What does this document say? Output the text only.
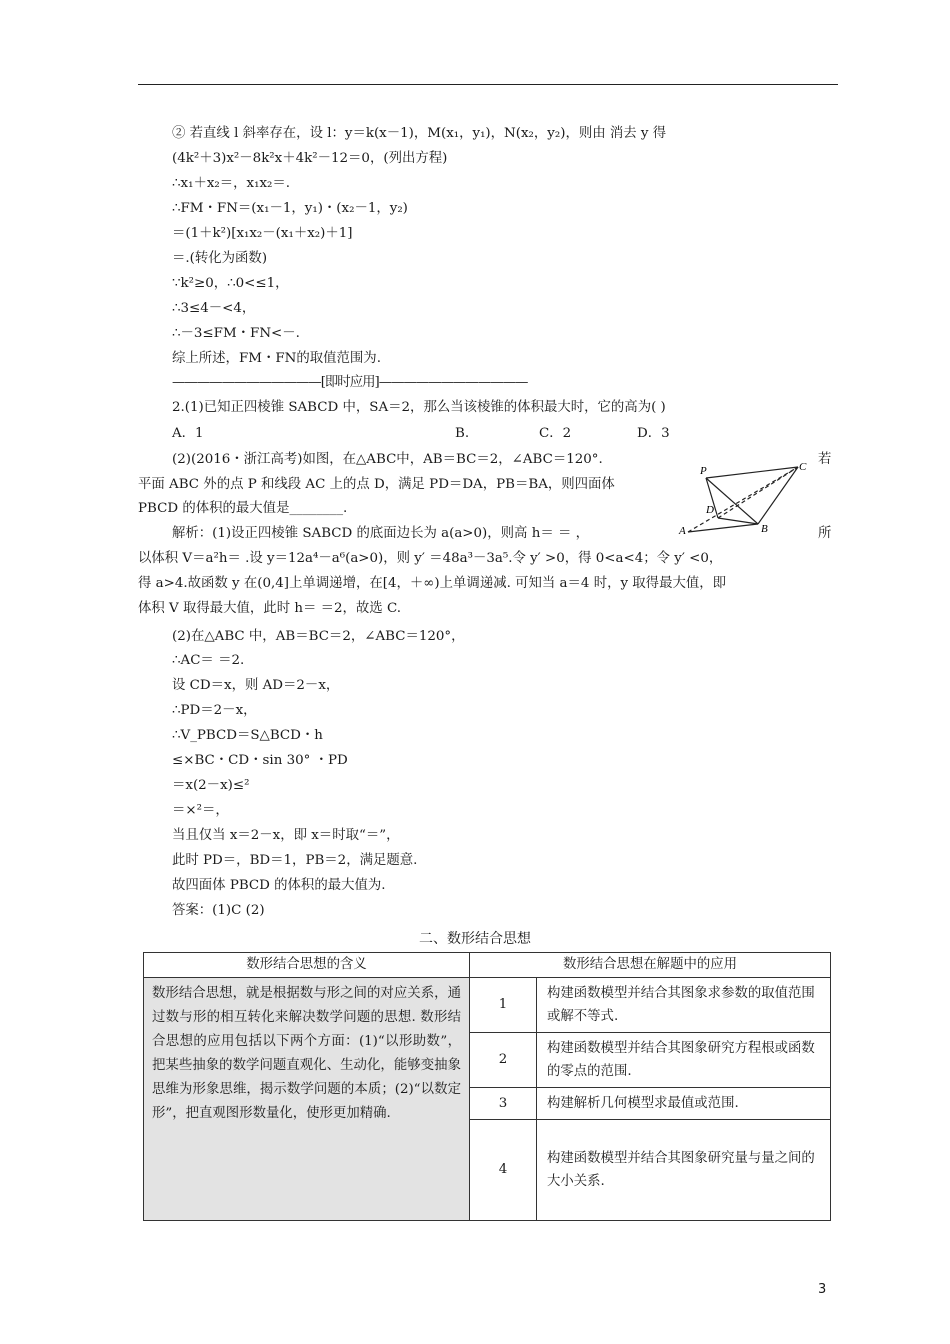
② 若直线 l 斜率存在，设 l：y＝k(x－1)，M(x₁，y₁)，N(x₂，y₂)，则由 消去 y 得
(4k²＋3)x²－8k²x＋4k²－12＝0，(列出方程)
∴x₁＋x₂＝，x₁x₂＝.
∴FM・FN＝(x₁－1，y₁)・(x₂－1，y₂)
＝(1＋k²)[x₁x₂－(x₁＋x₂)＋1]
＝.(转化为函数)
∵k²≥0，∴0<≤1，
∴3≤4－<4，
∴－3≤FM・FN<－.
综上所述，FM・FN的取值范围为.
————————————[即时应用]————————————
2.(1)已知正四棱锥 SABCD 中，SA＝2，那么当该棱锥的体积最大时，它的高为( )
A．1	B.	C．2	D．3
(2)(2016・浙江高考)如图，在△ABC中，AB＝BC＝2，∠ABC＝120°.	若
平面 ABC 外的点 P 和线段 AC 上的点 D，满足 PD＝DA，PB＝BA，则四面体
PBCD 的体积的最大值是________.
P	C
D
A	B
解析：(1)设正四棱锥 SABCD 的底面边长为 a(a>0)，则高 h＝ ＝ ，	所
以体积 V＝a²h＝ .设 y＝12a⁴－a⁶(a>0)，则 y′ ＝48a³－3a⁵.令 y′ >0，得 0<a<4；令 y′ <0，
得 a>4.故函数 y 在(0,4]上单调递增，在[4，＋∞)上单调递减. 可知当 a＝4 时，y 取得最大值，即
体积 V 取得最大值，此时 h＝ ＝2，故选 C.
(2)在△ABC 中，AB＝BC＝2，∠ABC＝120°，
∴AC＝ ＝2.
设 CD＝x，则 AD＝2－x，
∴PD＝2－x，
∴V_PBCD＝S△BCD・h
≤×BC・CD・sin 30° ・PD
＝x(2－x)≤²
＝×²＝，
当且仅当 x＝2－x，即 x＝时取“＝”，
此时 PD＝，BD＝1，PB＝2，满足题意.
故四面体 PBCD 的体积的最大值为.
答案：(1)C (2)
二、数形结合思想
数形结合思想的含义	数形结合思想在解题中的应用	
数形结合思想，就是根据数与形之间的对应关系，通过数与形的相互转化来解决数学问题的思想. 数形结合思想的应用包括以下两个方面：(1)“以形助数”，把某些抽象的数学问题直观化、生动化，能够变抽象思维为形象思维，揭示数学问题的本质；(2)“以数定形”，把直观图形数量化，使形更加精确.	1	构建函数模型并结合其图象求参数的取值范围或解不等式.
	2	构建函数模型并结合其图象研究方程根或函数的零点的范围.
	3	构建解析几何模型求最值或范围.
	4	构建函数模型并结合其图象研究量与量之间的大小关系.
3
